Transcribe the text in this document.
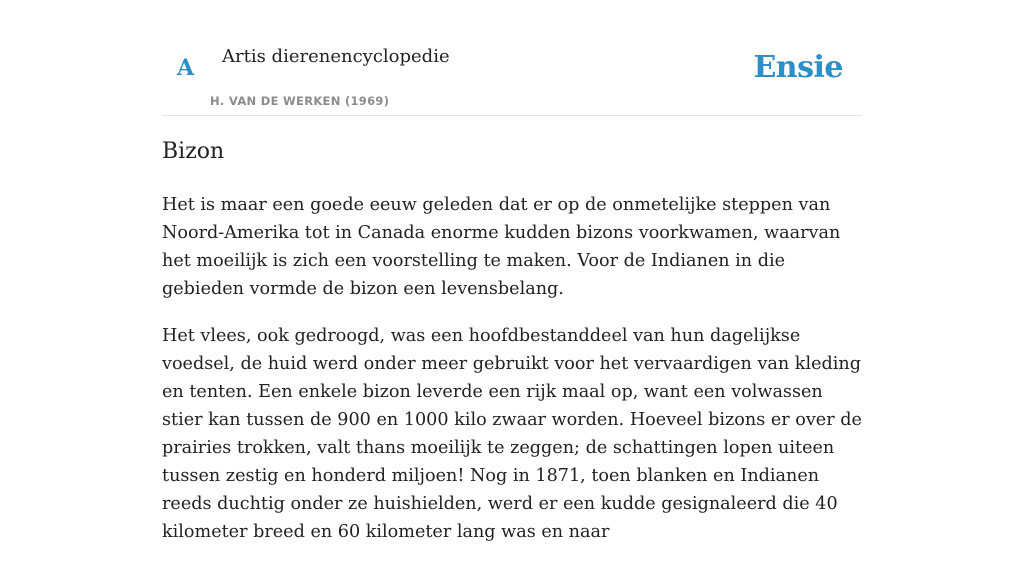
A Artis dierenencyclopedie
H. VAN DE WERKEN (1969)
Ensie
Bizon

Het is maar een goede eeuw geleden dat er op de onmetelijke steppen van Noord-Amerika tot in Canada enorme kudden bizons voorkwamen, waarvan het moeilijk is zich een voorstelling te maken. Voor de Indianen in die gebieden vormde de bizon een levensbelang.

Het vlees, ook gedroogd, was een hoofdbestanddeel van hun dagelijkse voedsel, de huid werd onder meer gebruikt voor het vervaardigen van kleding en tenten. Een enkele bizon leverde een rijk maal op, want een volwassen stier kan tussen de 900 en 1000 kilo zwaar worden. Hoeveel bizons er over de prairies trokken, valt thans moeilijk te zeggen; de schattingen lopen uiteen tussen zestig en honderd miljoen! Nog in 1871, toen blanken en Indianen reeds duchtig onder ze huishielden, werd er een kudde gesignaleerd die 40 kilometer breed en 60 kilometer lang was en naar
